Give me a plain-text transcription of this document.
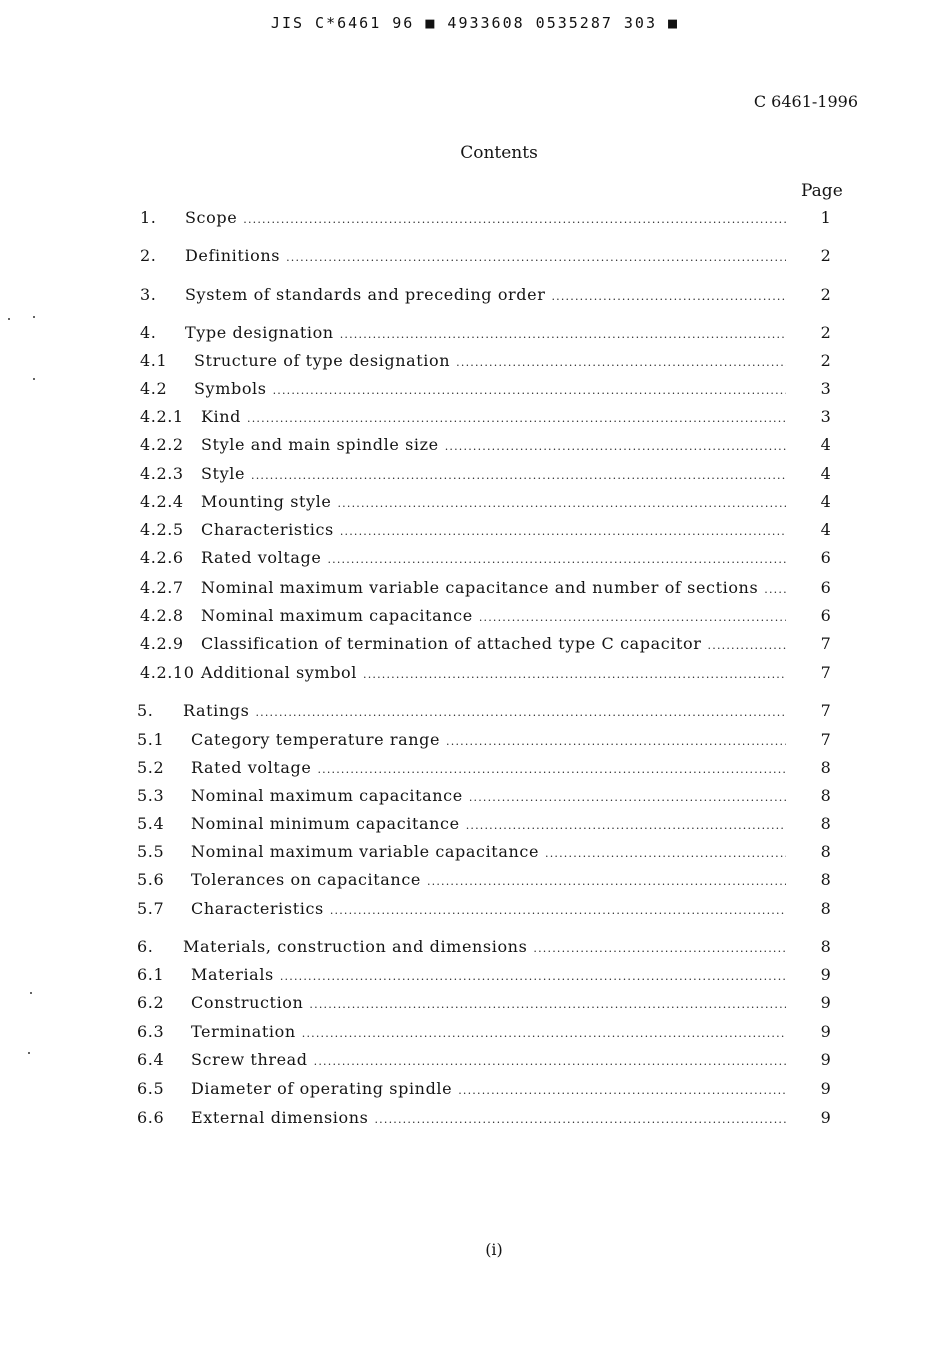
JIS C*6461 96 ■ 4933608 0535287 303 ■
C 6461-1996
Contents
Page
1. Scope .....	1
2. Definitions .....	2
3. System of standards and preceding order .....	2
4. Type designation .....	2
4.1 Structure of type designation .....	2
4.2 Symbols .....	3
4.2.1 Kind .....	3
4.2.2 Style and main spindle size .....	4
4.2.3 Style .....	4
4.2.4 Mounting style .....	4
4.2.5 Characteristics .....	4
4.2.6 Rated voltage .....	6
4.2.7 Nominal maximum variable capacitance and number of sections .....	6
4.2.8 Nominal maximum capacitance .....	6
4.2.9 Classification of termination of attached type C capacitor .....	7
4.2.10 Additional symbol .....	7
5. Ratings .....	7
5.1 Category temperature range .....	7
5.2 Rated voltage .....	8
5.3 Nominal maximum capacitance .....	8
5.4 Nominal minimum capacitance .....	8
5.5 Nominal maximum variable capacitance .....	8
5.6 Tolerances on capacitance .....	8
5.7 Characteristics .....	8
6. Materials, construction and dimensions .....	8
6.1 Materials .....	9
6.2 Construction .....	9
6.3 Termination .....	9
6.4 Screw thread .....	9
6.5 Diameter of operating spindle .....	9
6.6 External dimensions .....	9
(i)
